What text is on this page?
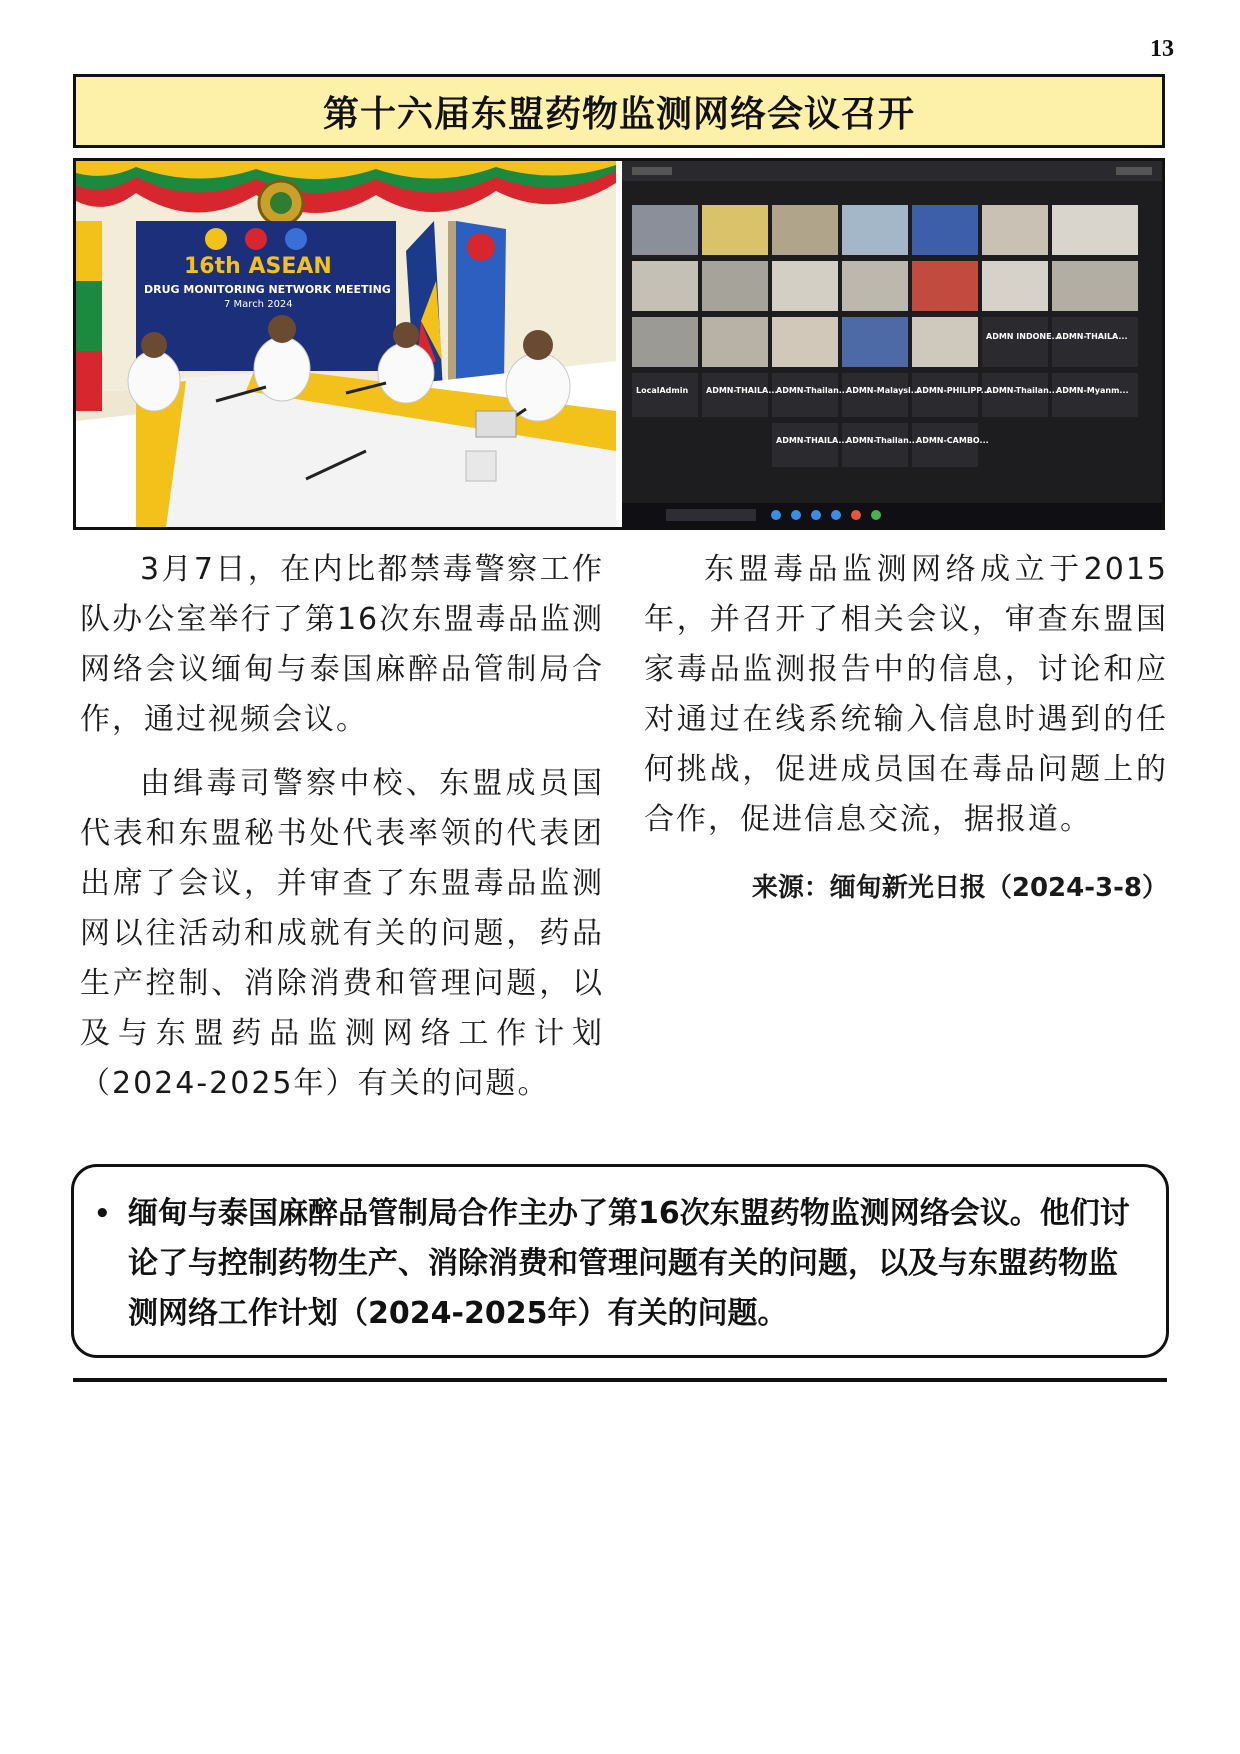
13
第十六届东盟药物监测网络会议召开
16th ASEAN
DRUG MONITORING NETWORK MEETING
7 March 2024
ADMN INDONE...
ADMN-THAILA...
LocalAdmin ADMN-THAILA...
ADMN-Thailan...
ADMN-Malaysi...
ADMN-PHILIPP...
ADMN-Thailan...
ADMN-Myanm...
ADMN-THAILA...
ADMN-Thailan...
ADMN-CAMBO...

3月7日，在内比都禁毒警察工作队办公室举行了第16次东盟毒品监测网络会议缅甸与泰国麻醉品管制局合作，通过视频会议。

由缉毒司警察中校、东盟成员国代表和东盟秘书处代表率领的代表团出席了会议，并审查了东盟毒品监测网以往活动和成就有关的问题，药品生产控制、消除消费和管理问题，以及与东盟药品监测网络工作计划（2024-2025年）有关的问题。

东盟毒品监测网络成立于2015年，并召开了相关会议，审查东盟国家毒品监测报告中的信息，讨论和应对通过在线系统输入信息时遇到的任何挑战，促进成员国在毒品问题上的合作，促进信息交流，据报道。

来源：缅甸新光日报（2024-3-8）
• 缅甸与泰国麻醉品管制局合作主办了第16次东盟药物监测网络会议。他们讨论了与控制药物生产、消除消费和管理问题有关的问题，以及与东盟药物监测网络工作计划（2024-2025年）有关的问题。
